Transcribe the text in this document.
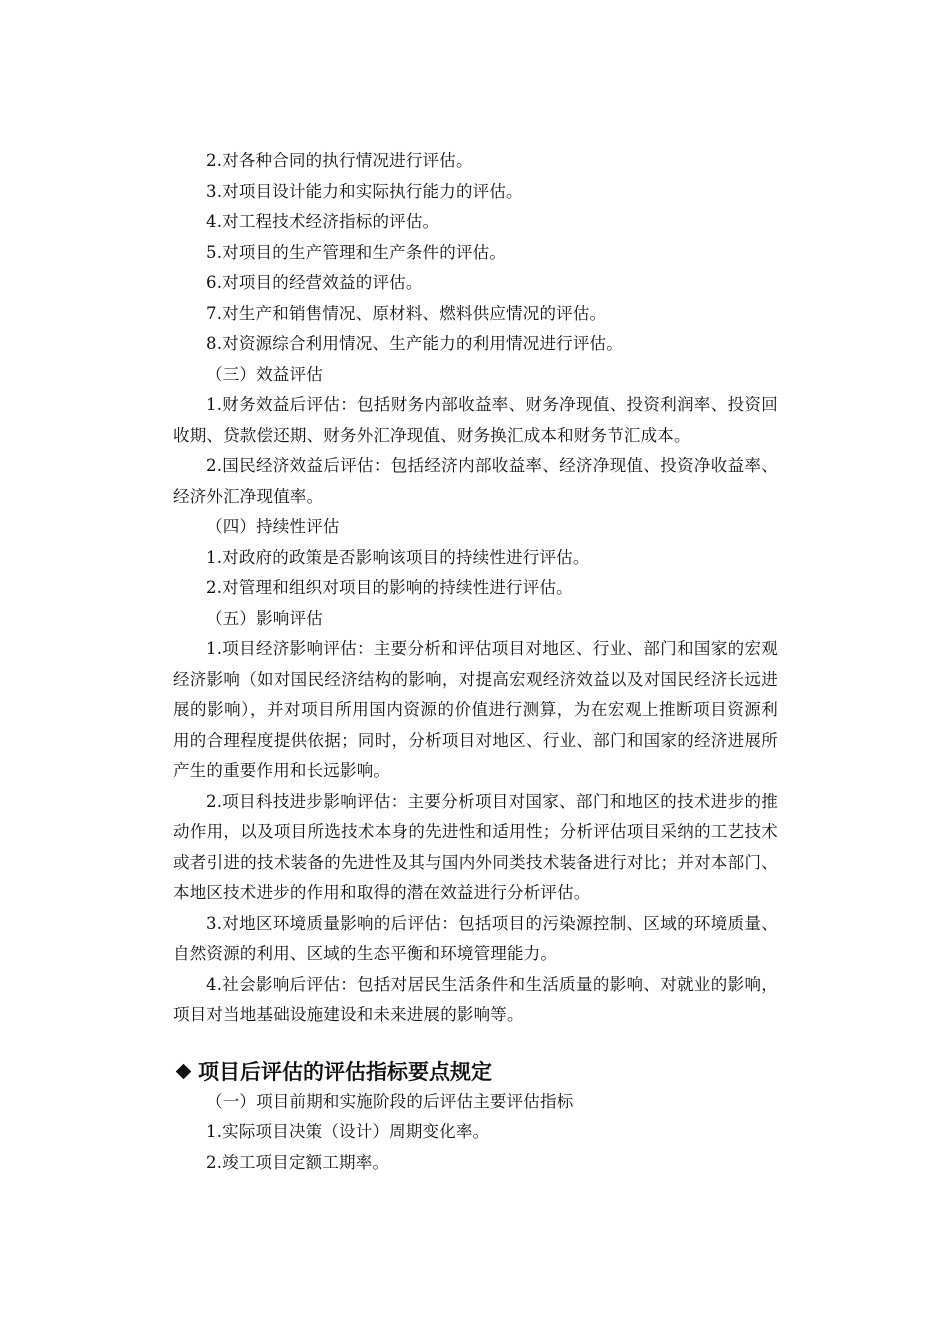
2.对各种合同的执行情况进行评估。

3.对项目设计能力和实际执行能力的评估。

4.对工程技术经济指标的评估。

5.对项目的生产管理和生产条件的评估。

6.对项目的经营效益的评估。

7.对生产和销售情况、原材料、燃料供应情况的评估。

8.对资源综合利用情况、生产能力的利用情况进行评估。

（三）效益评估

1.财务效益后评估：包括财务内部收益率、财务净现值、投资利润率、投资回收期、贷款偿还期、财务外汇净现值、财务换汇成本和财务节汇成本。

2.国民经济效益后评估：包括经济内部收益率、经济净现值、投资净收益率、经济外汇净现值率。

（四）持续性评估

1.对政府的政策是否影响该项目的持续性进行评估。

2.对管理和组织对项目的影响的持续性进行评估。

（五）影响评估

1.项目经济影响评估：主要分析和评估项目对地区、行业、部门和国家的宏观经济影响（如对国民经济结构的影响，对提高宏观经济效益以及对国民经济长远进展的影响），并对项目所用国内资源的价值进行测算，为在宏观上推断项目资源利用的合理程度提供依据；同时，分析项目对地区、行业、部门和国家的经济进展所产生的重要作用和长远影响。

2.项目科技进步影响评估：主要分析项目对国家、部门和地区的技术进步的推动作用，以及项目所选技术本身的先进性和适用性；分析评估项目采纳的工艺技术或者引进的技术装备的先进性及其与国内外同类技术装备进行对比；并对本部门、本地区技术进步的作用和取得的潜在效益进行分析评估。

3.对地区环境质量影响的后评估：包括项目的污染源控制、区域的环境质量、自然资源的利用、区域的生态平衡和环境管理能力。

4.社会影响后评估：包括对居民生活条件和生活质量的影响、对就业的影响，项目对当地基础设施建设和未来进展的影响等。

项目后评估的评估指标要点规定

（一）项目前期和实施阶段的后评估主要评估指标

1.实际项目决策（设计）周期变化率。

2.竣工项目定额工期率。
